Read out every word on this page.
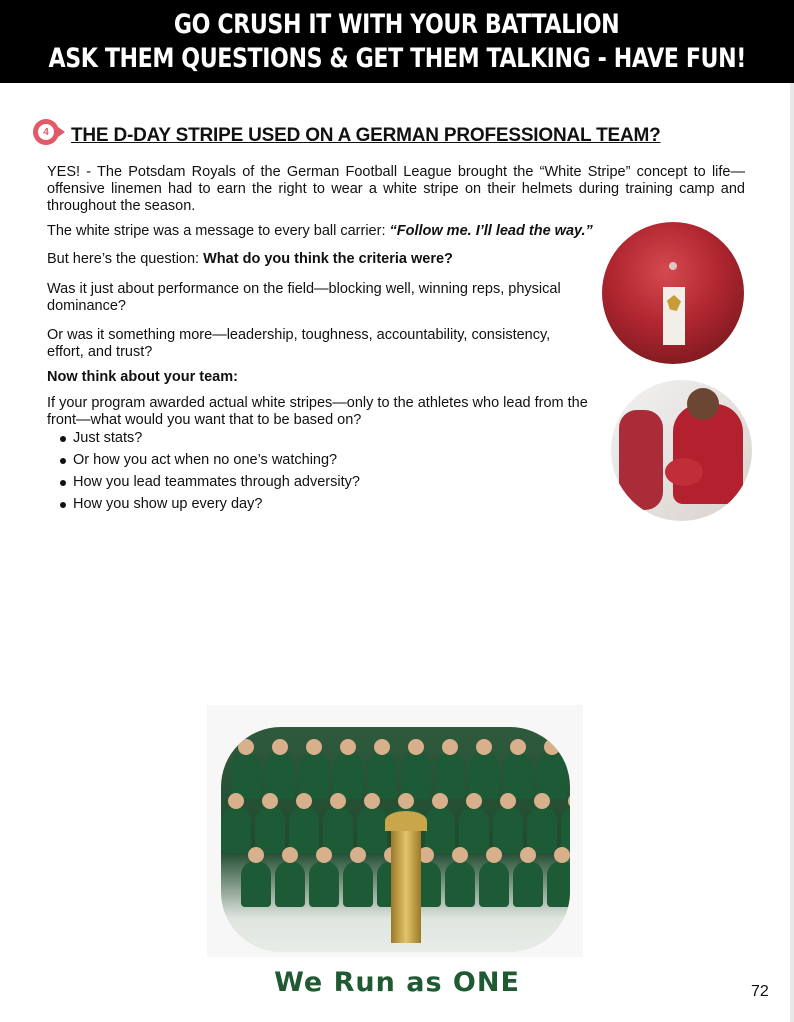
GO CRUSH IT WITH YOUR BATTALION
ASK THEM QUESTIONS & GET THEM TALKING - HAVE FUN!
4 THE D-DAY STRIPE USED ON A GERMAN PROFESSIONAL TEAM?
YES! - The Potsdam Royals of the German Football League brought the “White Stripe” concept to life—offensive linemen had to earn the right to wear a white stripe on their helmets during training camp and throughout the season.
The white stripe was a message to every ball carrier: “Follow me. I’ll lead the way.”
But here’s the question: What do you think the criteria were?
Was it just about performance on the field—blocking well, winning reps, physical dominance?
Or was it something more—leadership, toughness, accountability, consistency, effort, and trust?
Now think about your team:
If your program awarded actual white stripes—only to the athletes who lead from the front—what would you want that to be based on?
Just stats?
Or how you act when no one’s watching?
How you lead teammates through adversity?
How you show up every day?
We Run as ONE	72
